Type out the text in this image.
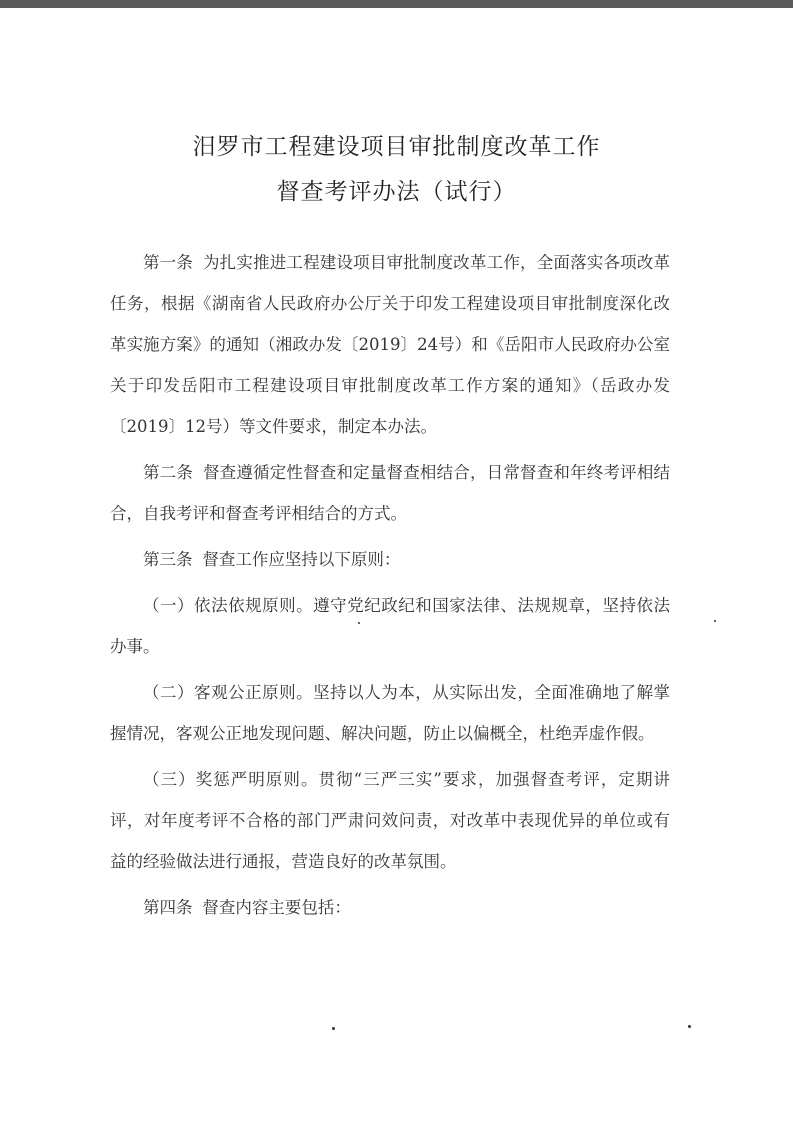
汨罗市工程建设项目审批制度改革工作
督查考评办法（试行）

第一条 为扎实推进工程建设项目审批制度改革工作，全面落实各项改革任务，根据《湖南省人民政府办公厅关于印发工程建设项目审批制度深化改革实施方案》的通知（湘政办发〔2019〕24号）和《岳阳市人民政府办公室关于印发岳阳市工程建设项目审批制度改革工作方案的通知》（岳政办发〔2019〕12号）等文件要求，制定本办法。

第二条 督查遵循定性督查和定量督查相结合，日常督查和年终考评相结合，自我考评和督查考评相结合的方式。

第三条 督查工作应坚持以下原则：

（一）依法依规原则。遵守党纪政纪和国家法律、法规规章，坚持依法办事。

（二）客观公正原则。坚持以人为本，从实际出发，全面准确地了解掌握情况，客观公正地发现问题、解决问题，防止以偏概全，杜绝弄虚作假。

（三）奖惩严明原则。贯彻“三严三实”要求，加强督查考评，定期讲评，对年度考评不合格的部门严肃问效问责，对改革中表现优异的单位或有益的经验做法进行通报，营造良好的改革氛围。

第四条 督查内容主要包括：
